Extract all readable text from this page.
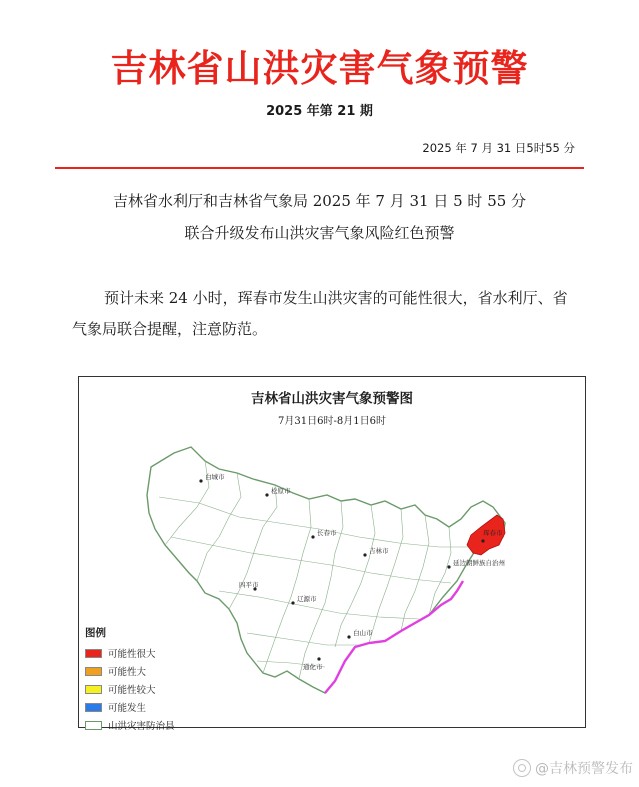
吉林省山洪灾害气象预警
2025 年第 21 期
2025 年 7 月 31 日5时55 分
吉林省水利厅和吉林省气象局 2025 年 7 月 31 日 5 时 55 分
联合升级发布山洪灾害气象风险红色预警
预计未来 24 小时，珲春市发生山洪灾害的可能性很大，省水利厅、省气象局联合提醒，注意防范。
吉林省山洪灾害气象预警图
7月31日6时-8月1日6时
白城市
松原市
长春市
吉林市
四平市
辽源市
通化市
白山市
延边朝鲜族自治州
珲春市
图例
可能性很大
可能性大
可能性较大
可能发生
山洪灾害防治县
@吉林预警发布
